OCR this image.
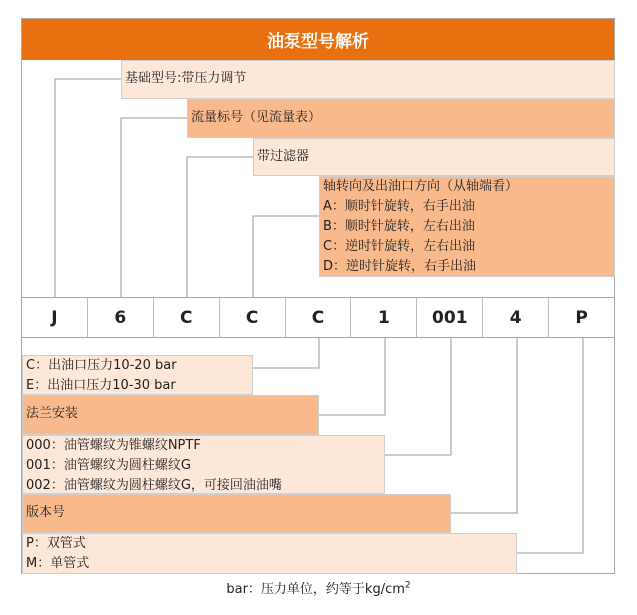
油泵型号解析
基础型号:带压力调节
流量标号（见流量表）
带过滤器
轴转向及出油口方向（从轴端看）
A：顺时针旋转，右手出油
B：顺时针旋转，左右出油
C：逆时针旋转，左右出油
D：逆时针旋转，右手出油
J	6	C	C	C	1	001	4	P
C：出油口压力10-20 bar
E：出油口压力10-30 bar
法兰安装
000：油管螺纹为锥螺纹NPTF
001：油管螺纹为圆柱螺纹G
002：油管螺纹为圆柱螺纹G，可接回油油嘴
版本号
P：双管式
M：单管式
bar：压力单位，约等于$kg/cm^2$
